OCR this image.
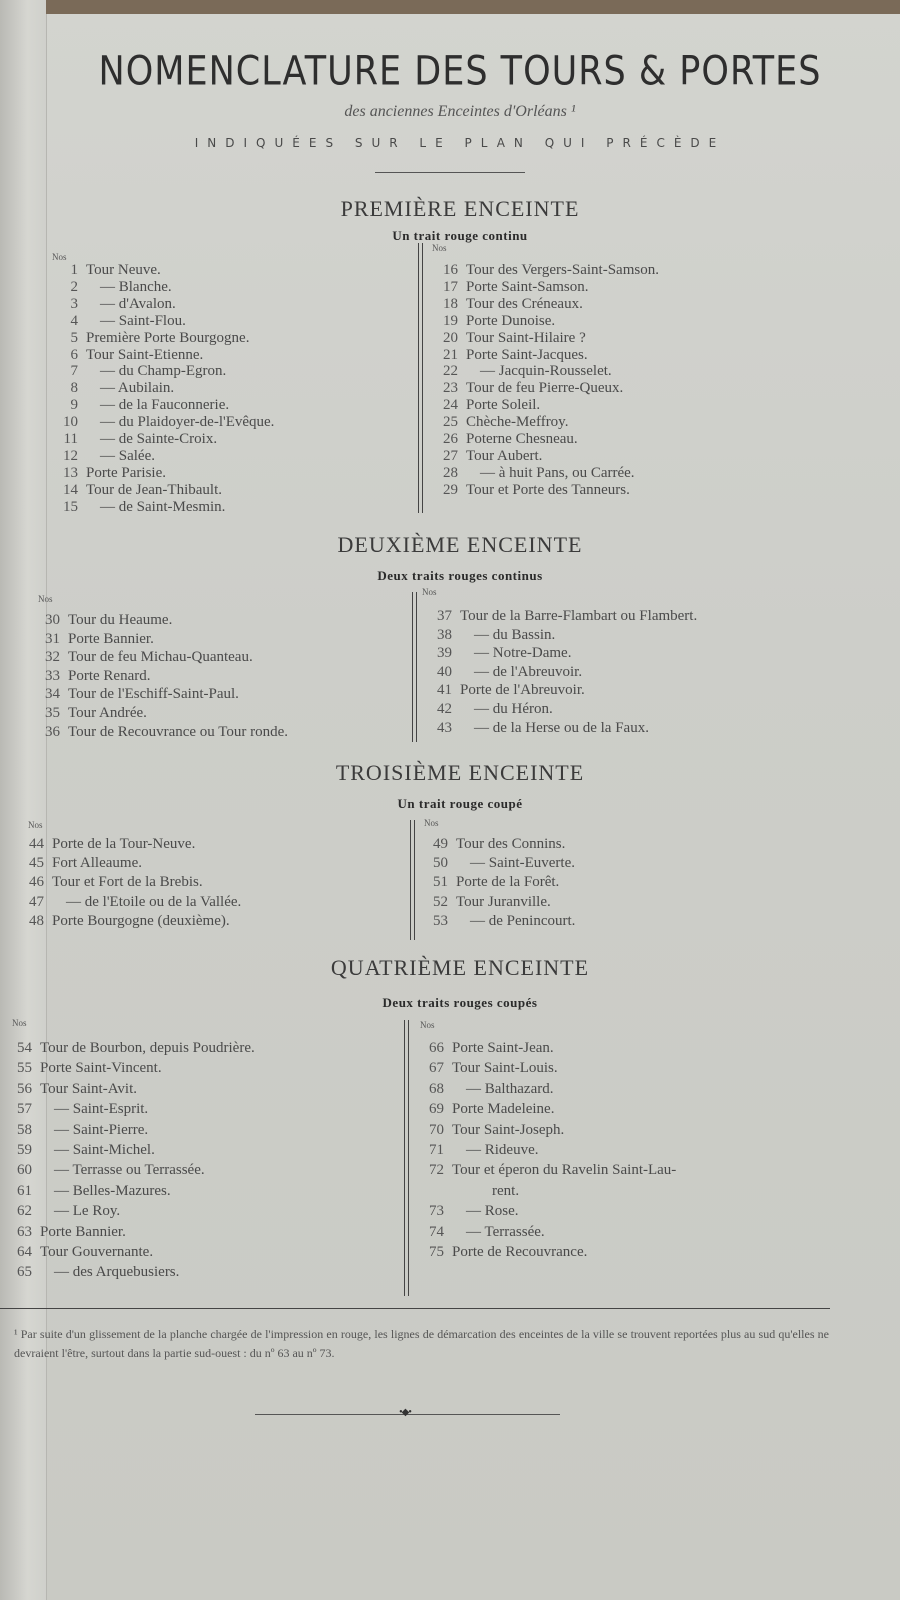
NOMENCLATURE DES TOURS & PORTES
des anciennes Enceintes d'Orléans ¹
INDIQUÉES SUR LE PLAN QUI PRÉCÈDE
PREMIÈRE ENCEINTE
Un trait rouge continu
Nos
Nos
1 Tour Neuve.
2 — Blanche.
3 — d'Avalon.
4 — Saint-Flou.
5 Première Porte Bourgogne.
6 Tour Saint-Etienne.
7 — du Champ-Egron.
8 — Aubilain.
9 — de la Fauconnerie.
10 — du Plaidoyer-de-l'Evêque.
11 — de Sainte-Croix.
12 — Salée.
13 Porte Parisie.
14 Tour de Jean-Thibault.
15 — de Saint-Mesmin.
16 Tour des Vergers-Saint-Samson.
17 Porte Saint-Samson.
18 Tour des Créneaux.
19 Porte Dunoise.
20 Tour Saint-Hilaire ?
21 Porte Saint-Jacques.
22 — Jacquin-Rousselet.
23 Tour de feu Pierre-Queux.
24 Porte Soleil.
25 Chèche-Meffroy.
26 Poterne Chesneau.
27 Tour Aubert.
28 — à huit Pans, ou Carrée.
29 Tour et Porte des Tanneurs.
DEUXIÈME ENCEINTE
Deux traits rouges continus
Nos
Nos
30 Tour du Heaume.
31 Porte Bannier.
32 Tour de feu Michau-Quanteau.
33 Porte Renard.
34 Tour de l'Eschiff-Saint-Paul.
35 Tour Andrée.
36 Tour de Recouvrance ou Tour ronde.
37 Tour de la Barre-Flambart ou Flambert.
38 — du Bassin.
39 — Notre-Dame.
40 — de l'Abreuvoir.
41 Porte de l'Abreuvoir.
42 — du Héron.
43 — de la Herse ou de la Faux.
TROISIÈME ENCEINTE
Un trait rouge coupé
Nos	Nos
44 Porte de la Tour-Neuve.
45 Fort Alleaume.
46 Tour et Fort de la Brebis.
47 — de l'Etoile ou de la Vallée.
48 Porte Bourgogne (deuxième).
49 Tour des Connins.
50 — Saint-Euverte.
51 Porte de la Forêt.
52 Tour Juranville.
53 — de Penincourt.
QUATRIÈME ENCEINTE
Deux traits rouges coupés
Nos	Nos
54 Tour de Bourbon, depuis Poudrière.
55 Porte Saint-Vincent.
56 Tour Saint-Avit.
57 — Saint-Esprit.
58 — Saint-Pierre.
59 — Saint-Michel.
60 — Terrasse ou Terrassée.
61 — Belles-Mazures.
62 — Le Roy.
63 Porte Bannier.
64 Tour Gouvernante.
65 — des Arquebusiers.
66 Porte Saint-Jean.
67 Tour Saint-Louis.
68 — Balthazard.
69 Porte Madeleine.
70 Tour Saint-Joseph.
71 — Rideuve.
72 Tour et éperon du Ravelin Saint-Lau-
rent.
73 — Rose.
74 — Terrassée.
75 Porte de Recouvrance.
¹ Par suite d'un glissement de la planche chargée de l'impression en rouge, les lignes de démarcation des enceintes de la ville se trouvent reportées plus au sud qu'elles ne devraient l'être, surtout dans la partie sud-ouest : du nº 63 au nº 73.
•◆•
